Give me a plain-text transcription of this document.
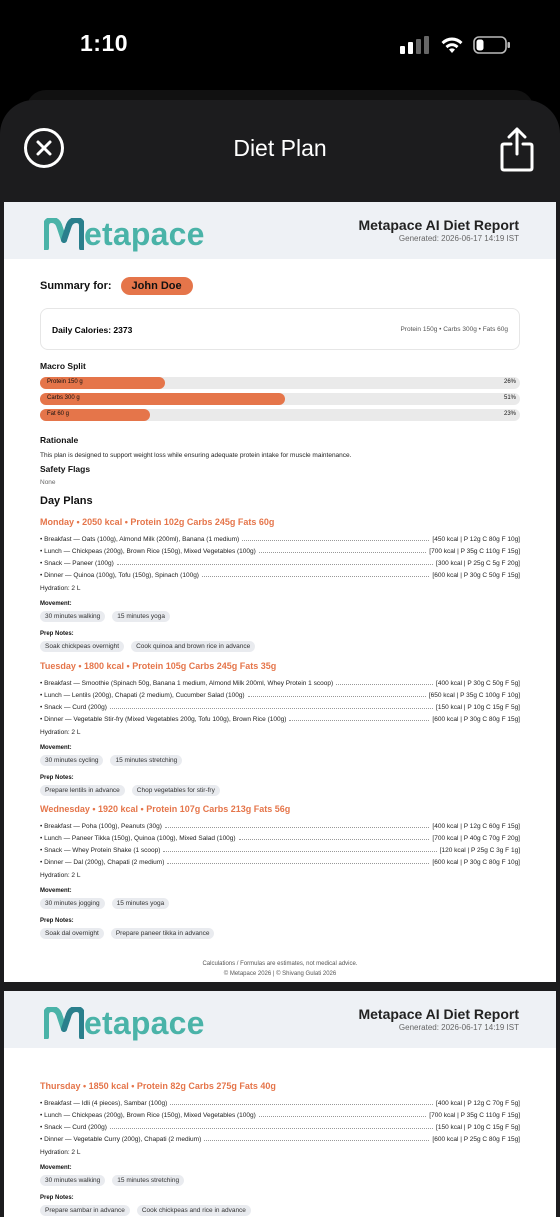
1:10
Diet Plan
etapace	Metapace AI Diet Report
Generated: 2026-06-17 14:19 IST
Summary for:	John Doe
Daily Calories: 2373	Protein 150g • Carbs 300g • Fats 60g
Macro Split
Protein 150 g	26%
Carbs 300 g	51%
Fat 60 g	23%
Rationale
This plan is designed to support weight loss while ensuring adequate protein intake for muscle maintenance.
Safety Flags
None
Day Plans
Monday • 2050 kcal • Protein 102g Carbs 245g Fats 60g
• Breakfast — Oats (100g), Almond Milk (200ml), Banana (1 medium)	[450 kcal | P 12g C 80g F 10g]
• Lunch — Chickpeas (200g), Brown Rice (150g), Mixed Vegetables (100g)	[700 kcal | P 35g C 110g F 15g]
• Snack — Paneer (100g)	[300 kcal | P 25g C 5g F 20g]
• Dinner — Quinoa (100g), Tofu (150g), Spinach (100g)	[600 kcal | P 30g C 50g F 15g]
Hydration: 2 L
Movement:
30 minutes walking	15 minutes yoga
Prep Notes:
Soak chickpeas overnight	Cook quinoa and brown rice in advance
Tuesday • 1800 kcal • Protein 105g Carbs 245g Fats 35g
• Breakfast — Smoothie (Spinach 50g, Banana 1 medium, Almond Milk 200ml, Whey Protein 1 scoop)	[400 kcal | P 30g C 50g F 5g]
• Lunch — Lentils (200g), Chapati (2 medium), Cucumber Salad (100g)	[650 kcal | P 35g C 100g F 10g]
• Snack — Curd (200g)	[150 kcal | P 10g C 15g F 5g]
• Dinner — Vegetable Stir-fry (Mixed Vegetables 200g, Tofu 100g), Brown Rice (100g)	[600 kcal | P 30g C 80g F 15g]
Hydration: 2 L
Movement:
30 minutes cycling	15 minutes stretching
Prep Notes:
Prepare lentils in advance	Chop vegetables for stir-fry
Wednesday • 1920 kcal • Protein 107g Carbs 213g Fats 56g
• Breakfast — Poha (100g), Peanuts (30g)	[400 kcal | P 12g C 60g F 15g]
• Lunch — Paneer Tikka (150g), Quinoa (100g), Mixed Salad (100g)	[700 kcal | P 40g C 70g F 20g]
• Snack — Whey Protein Shake (1 scoop)	[120 kcal | P 25g C 3g F 1g]
• Dinner — Dal (200g), Chapati (2 medium)	[600 kcal | P 30g C 80g F 10g]
Hydration: 2 L
Movement:
30 minutes jogging	15 minutes yoga
Prep Notes:
Soak dal overnight	Prepare paneer tikka in advance
Calculations / Formulas are estimates, not medical advice.
© Metapace 2026 | © Shivang Gulati 2026
etapace	Metapace AI Diet Report
Generated: 2026-06-17 14:19 IST
Thursday • 1850 kcal • Protein 82g Carbs 275g Fats 40g
• Breakfast — Idli (4 pieces), Sambar (100g)	[400 kcal | P 12g C 70g F 5g]
• Lunch — Chickpeas (200g), Brown Rice (150g), Mixed Vegetables (100g)	[700 kcal | P 35g C 110g F 15g]
• Snack — Curd (200g)	[150 kcal | P 10g C 15g F 5g]
• Dinner — Vegetable Curry (200g), Chapati (2 medium)	[600 kcal | P 25g C 80g F 15g]
Hydration: 2 L
Movement:
30 minutes walking	15 minutes stretching
Prep Notes:
Prepare sambar in advance	Cook chickpeas and rice in advance
